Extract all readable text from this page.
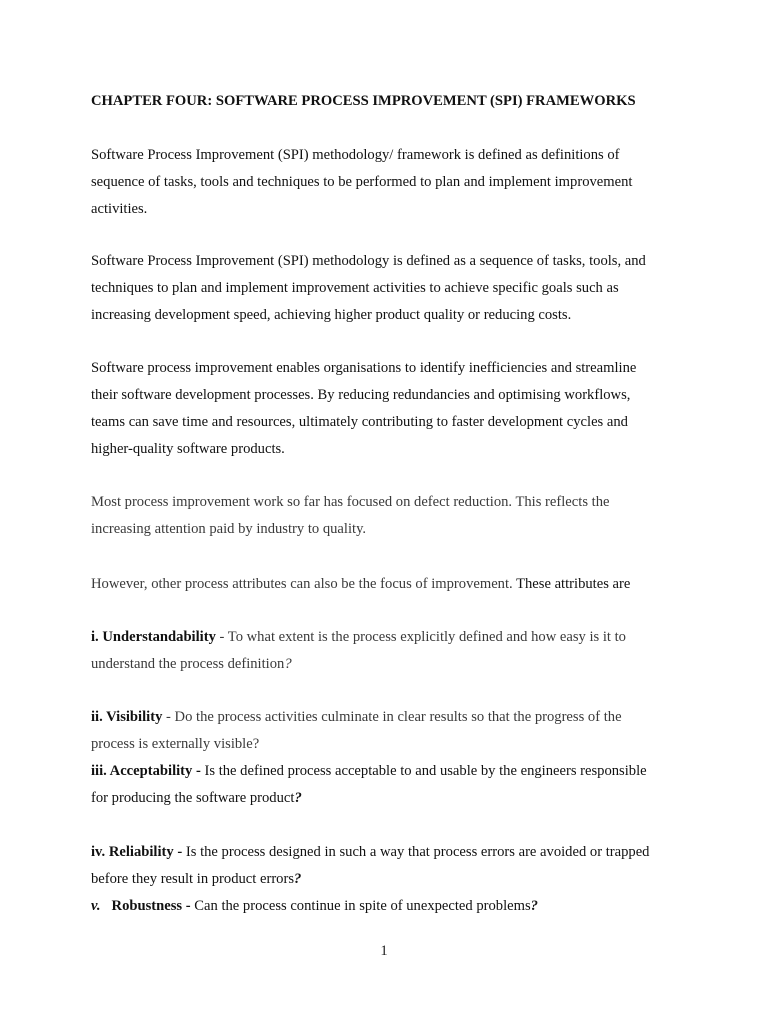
CHAPTER FOUR: SOFTWARE PROCESS IMPROVEMENT (SPI) FRAMEWORKS
Software Process Improvement (SPI) methodology/ framework is defined as definitions of
sequence of tasks, tools and techniques to be performed to plan and implement improvement
activities.
Software Process Improvement (SPI) methodology is defined as a sequence of tasks, tools, and
techniques to plan and implement improvement activities to achieve specific goals such as
increasing development speed, achieving higher product quality or reducing costs.
Software process improvement enables organisations to identify inefficiencies and streamline
their software development processes. By reducing redundancies and optimising workflows,
teams can save time and resources, ultimately contributing to faster development cycles and
higher-quality software products.
Most process improvement work so far has focused on defect reduction. This reflects the
increasing attention paid by industry to quality.
However, other process attributes can also be the focus of improvement. These attributes are
i. Understandability - To what extent is the process explicitly defined and how easy is it to
understand the process definition?
ii. Visibility - Do the process activities culminate in clear results so that the progress of the
process is externally visible?
iii. Acceptability - Is the defined process acceptable to and usable by the engineers responsible
for producing the software product?
iv. Reliability - Is the process designed in such a way that process errors are avoided or trapped
before they result in product errors?
v. Robustness - Can the process continue in spite of unexpected problems?
1
